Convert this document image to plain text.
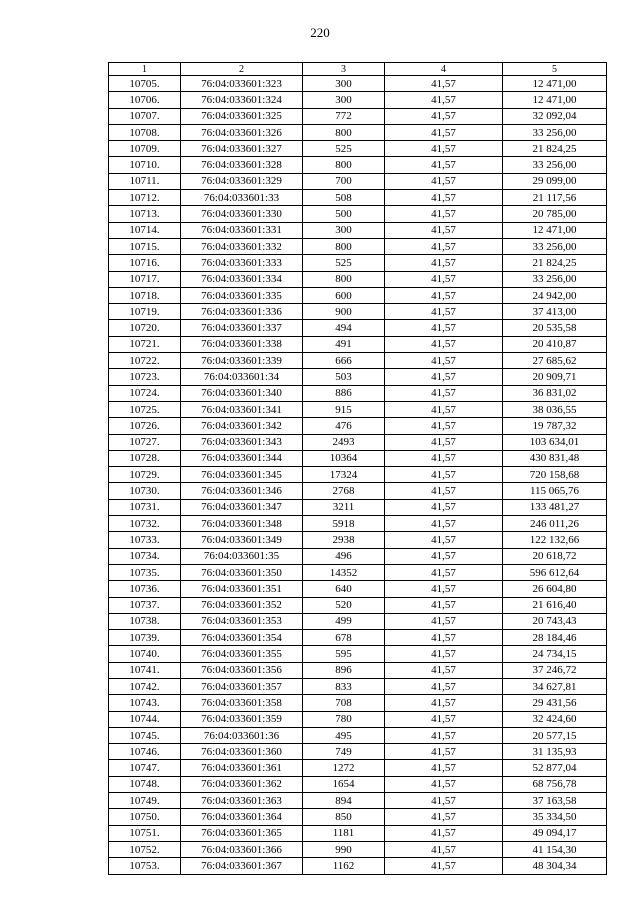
220
1	2	3	4	5
10705.	76:04:033601:323	300	41,57	12 471,00
10706.	76:04:033601:324	300	41,57	12 471,00
10707.	76:04:033601:325	772	41,57	32 092,04
10708.	76:04:033601:326	800	41,57	33 256,00
10709.	76:04:033601:327	525	41,57	21 824,25
10710.	76:04:033601:328	800	41,57	33 256,00
10711.	76:04:033601:329	700	41,57	29 099,00
10712.	76:04:033601:33	508	41,57	21 117,56
10713.	76:04:033601:330	500	41,57	20 785,00
10714.	76:04:033601:331	300	41,57	12 471,00
10715.	76:04:033601:332	800	41,57	33 256,00
10716.	76:04:033601:333	525	41,57	21 824,25
10717.	76:04:033601:334	800	41,57	33 256,00
10718.	76:04:033601:335	600	41,57	24 942,00
10719.	76:04:033601:336	900	41,57	37 413,00
10720.	76:04:033601:337	494	41,57	20 535,58
10721.	76:04:033601:338	491	41,57	20 410,87
10722.	76:04:033601:339	666	41,57	27 685,62
10723.	76:04:033601:34	503	41,57	20 909,71
10724.	76:04:033601:340	886	41,57	36 831,02
10725.	76:04:033601:341	915	41,57	38 036,55
10726.	76:04:033601:342	476	41,57	19 787,32
10727.	76:04:033601:343	2493	41,57	103 634,01
10728.	76:04:033601:344	10364	41,57	430 831,48
10729.	76:04:033601:345	17324	41,57	720 158,68
10730.	76:04:033601:346	2768	41,57	115 065,76
10731.	76:04:033601:347	3211	41,57	133 481,27
10732.	76:04:033601:348	5918	41,57	246 011,26
10733.	76:04:033601:349	2938	41,57	122 132,66
10734.	76:04:033601:35	496	41,57	20 618,72
10735.	76:04:033601:350	14352	41,57	596 612,64
10736.	76:04:033601:351	640	41,57	26 604,80
10737.	76:04:033601:352	520	41,57	21 616,40
10738.	76:04:033601:353	499	41,57	20 743,43
10739.	76:04:033601:354	678	41,57	28 184,46
10740.	76:04:033601:355	595	41,57	24 734,15
10741.	76:04:033601:356	896	41,57	37 246,72
10742.	76:04:033601:357	833	41,57	34 627,81
10743.	76:04:033601:358	708	41,57	29 431,56
10744.	76:04:033601:359	780	41,57	32 424,60
10745.	76:04:033601:36	495	41,57	20 577,15
10746.	76:04:033601:360	749	41,57	31 135,93
10747.	76:04:033601:361	1272	41,57	52 877,04
10748.	76:04:033601:362	1654	41,57	68 756,78
10749.	76:04:033601:363	894	41,57	37 163,58
10750.	76:04:033601:364	850	41,57	35 334,50
10751.	76:04:033601:365	1181	41,57	49 094,17
10752.	76:04:033601:366	990	41,57	41 154,30
10753.	76:04:033601:367	1162	41,57	48 304,34
